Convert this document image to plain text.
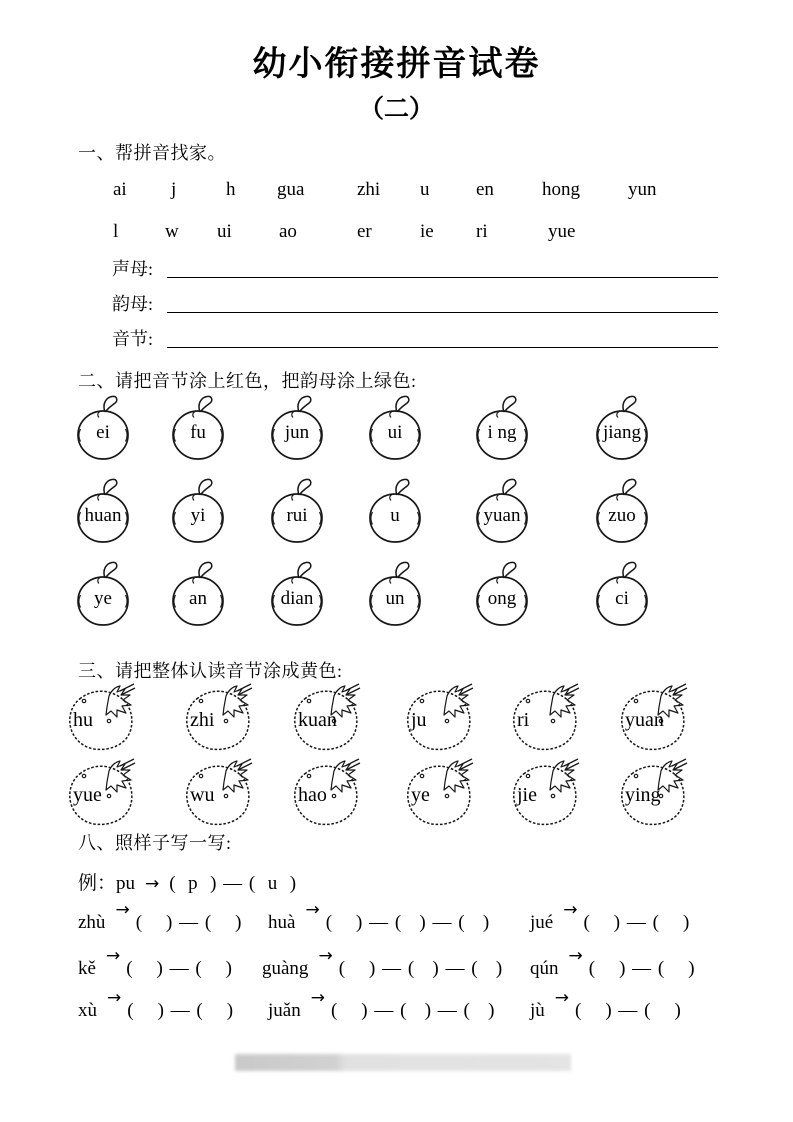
幼小衔接拼音试卷
（二）
一、帮拼音找家。
ai j	h gua	zhi u en	hong	yun
l w ui ao	er	ie ri	yue
声母:
韵母:
音节:
二、请把音节涂上红色，把韵母涂上绿色:
ei	fu	jun	ui	i ng	jiang
huan	yi	rui	u	yuan	zuo
ye	an	dian	un	ong	ci
三、请把整体认读音节涂成黄色:
hu	zhi	kuan	ju	ri	yuan
yue	wu	hao	ye	jie	ying
八、照样子写一写:
例：pu → (  p  ) — (  u  )
zhù→(    ) — (    ) huà→(    ) — (   ) — (   ) jué→(    ) — (    )
kě→(    ) — (    ) guàng→(    ) — (   ) — (   ) qún→(    ) — (    )
xù→(    ) — (    ) juǎn→(    ) — (   ) — (   ) jù→(    ) — (    )
